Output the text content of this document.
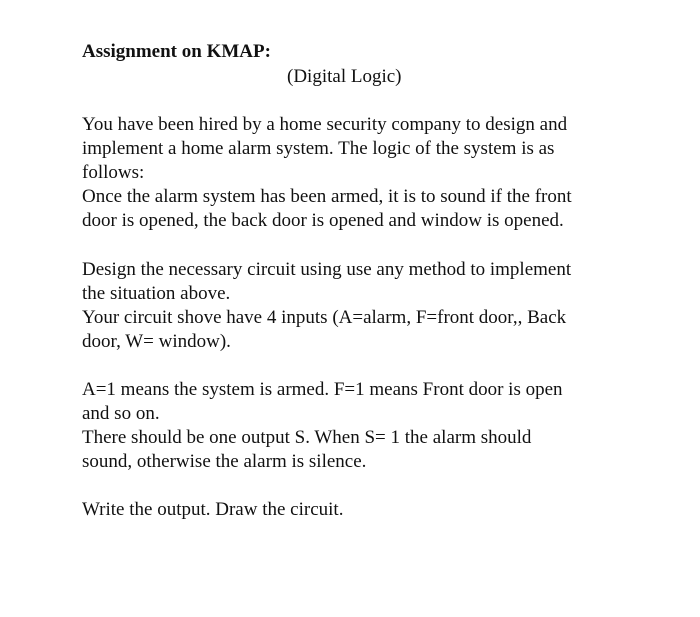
Assignment on KMAP:
(Digital Logic)
You have been hired by a home security company to design and
implement a home alarm system. The logic of the system is as
follows:
Once the alarm system has been armed, it is to sound if the front
door is opened, the back door is opened and window is opened.
Design the necessary circuit using use any method to implement
the situation above.
Your circuit shove have 4 inputs (A=alarm, F=front door,, Back
door, W= window).
A=1 means the system is armed. F=1 means Front door is open
and so on.
There should be one output S. When S= 1 the alarm should
sound, otherwise the alarm is silence.
Write the output. Draw the circuit.
